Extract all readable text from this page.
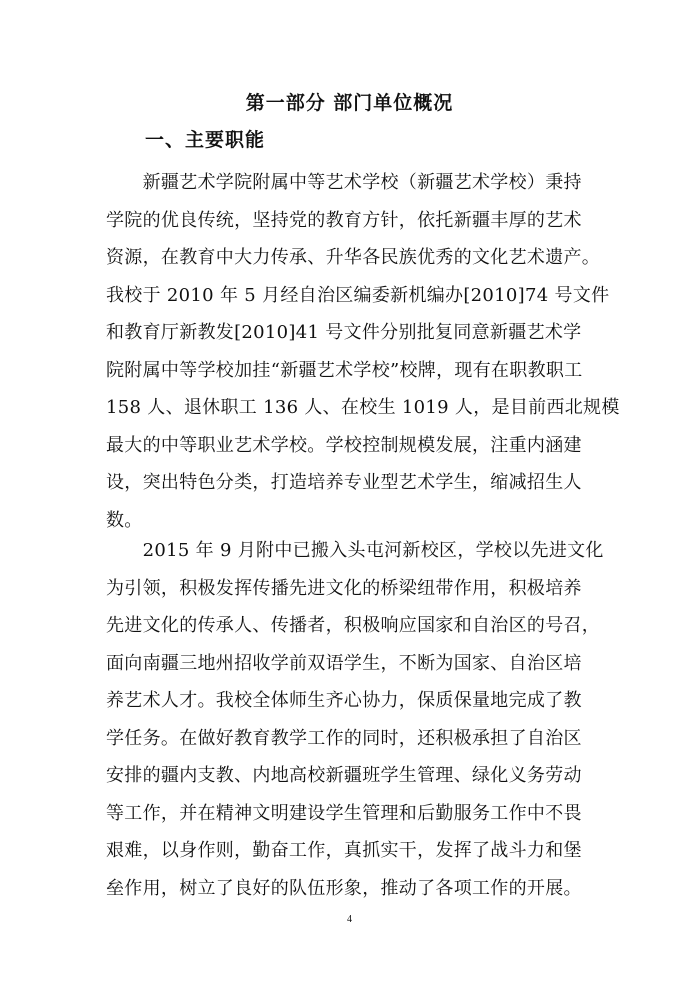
第一部分 部门单位概况
一、主要职能
　　新疆艺术学院附属中等艺术学校（新疆艺术学校）秉持
学院的优良传统，坚持党的教育方针，依托新疆丰厚的艺术
资源，在教育中大力传承、升华各民族优秀的文化艺术遗产。
我校于 2010 年 5 月经自治区编委新机编办[2010]74 号文件
和教育厅新教发[2010]41 号文件分别批复同意新疆艺术学
院附属中等学校加挂“新疆艺术学校”校牌，现有在职教职工
158 人、退休职工 136 人、在校生 1019 人，是目前西北规模
最大的中等职业艺术学校。学校控制规模发展，注重内涵建
设，突出特色分类，打造培养专业型艺术学生，缩减招生人
数。
　　2015 年 9 月附中已搬入头屯河新校区，学校以先进文化
为引领，积极发挥传播先进文化的桥梁纽带作用，积极培养
先进文化的传承人、传播者，积极响应国家和自治区的号召，
面向南疆三地州招收学前双语学生，不断为国家、自治区培
养艺术人才。我校全体师生齐心协力，保质保量地完成了教
学任务。在做好教育教学工作的同时，还积极承担了自治区
安排的疆内支教、内地高校新疆班学生管理、绿化义务劳动
等工作，并在精神文明建设学生管理和后勤服务工作中不畏
艰难，以身作则，勤奋工作，真抓实干，发挥了战斗力和堡
垒作用，树立了良好的队伍形象，推动了各项工作的开展。
4
